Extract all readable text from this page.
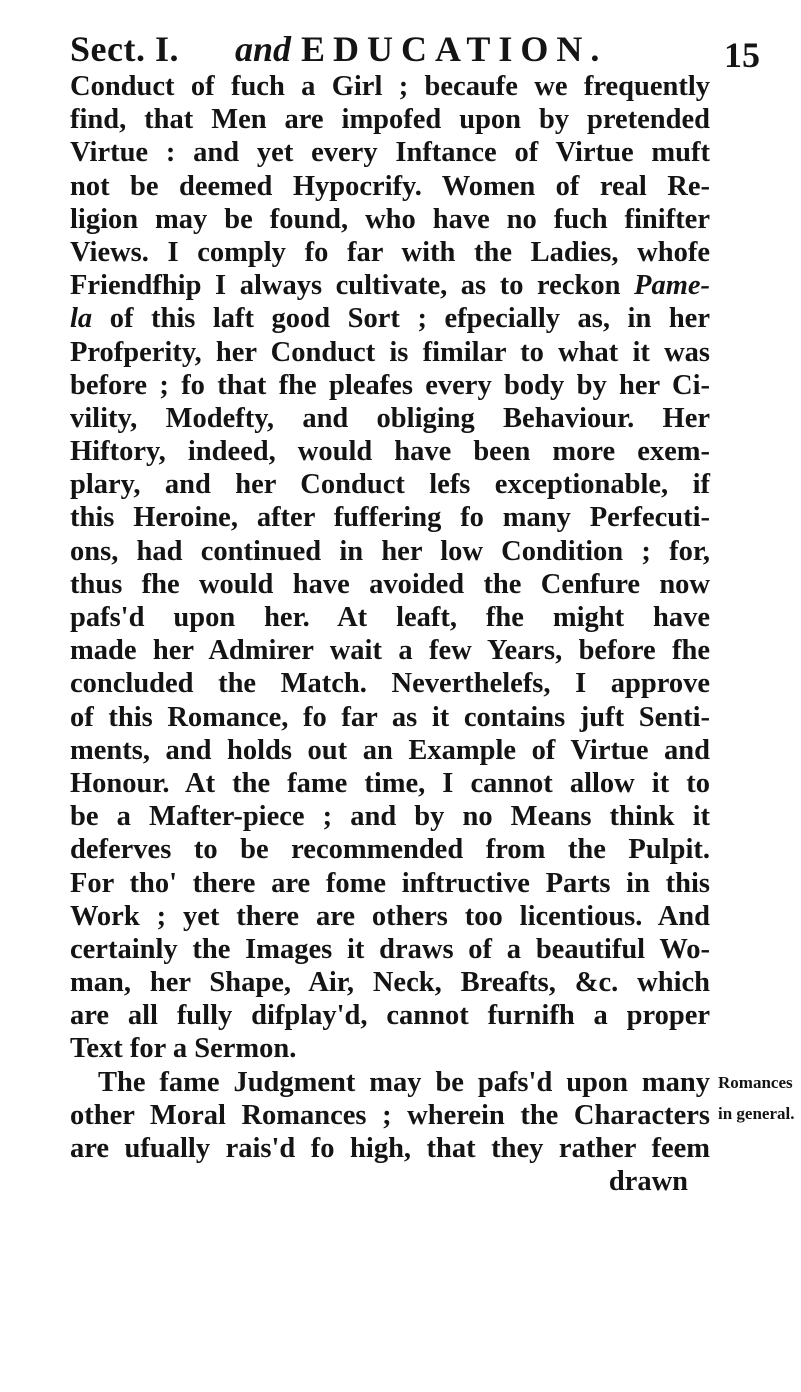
Sect. I. and EDUCATION.	15
Conduct of fuch a Girl ; becaufe we frequently
find, that Men are impofed upon by pretended
Virtue : and yet every Inftance of Virtue muft
not be deemed Hypocrify. Women of real Re-
ligion may be found, who have no fuch finifter
Views. I comply fo far with the Ladies, whofe
Friendfhip I always cultivate, as to reckon Pame-
la of this laft good Sort ; efpecially as, in her
Profperity, her Conduct is fimilar to what it was
before ; fo that fhe pleafes every body by her Ci-
vility, Modefty, and obliging Behaviour. Her
Hiftory, indeed, would have been more exem-
plary, and her Conduct lefs exceptionable, if
this Heroine, after fuffering fo many Perfecuti-
ons, had continued in her low Condition ; for,
thus fhe would have avoided the Cenfure now
pafs'd upon her. At leaft, fhe might have
made her Admirer wait a few Years, before fhe
concluded the Match. Neverthelefs, I approve
of this Romance, fo far as it contains juft Senti-
ments, and holds out an Example of Virtue and
Honour. At the fame time, I cannot allow it to
be a Mafter-piece ; and by no Means think it
deferves to be recommended from the Pulpit.
For tho' there are fome inftructive Parts in this
Work ; yet there are others too licentious. And
certainly the Images it draws of a beautiful Wo-
man, her Shape, Air, Neck, Breafts, &c. which
are all fully difplay'd, cannot furnifh a proper
Text for a Sermon.
The fame Judgment may be pafs'd upon many
other Moral Romances ; wherein the Characters
are ufually rais'd fo high, that they rather feem
drawn
Romances
in general.
